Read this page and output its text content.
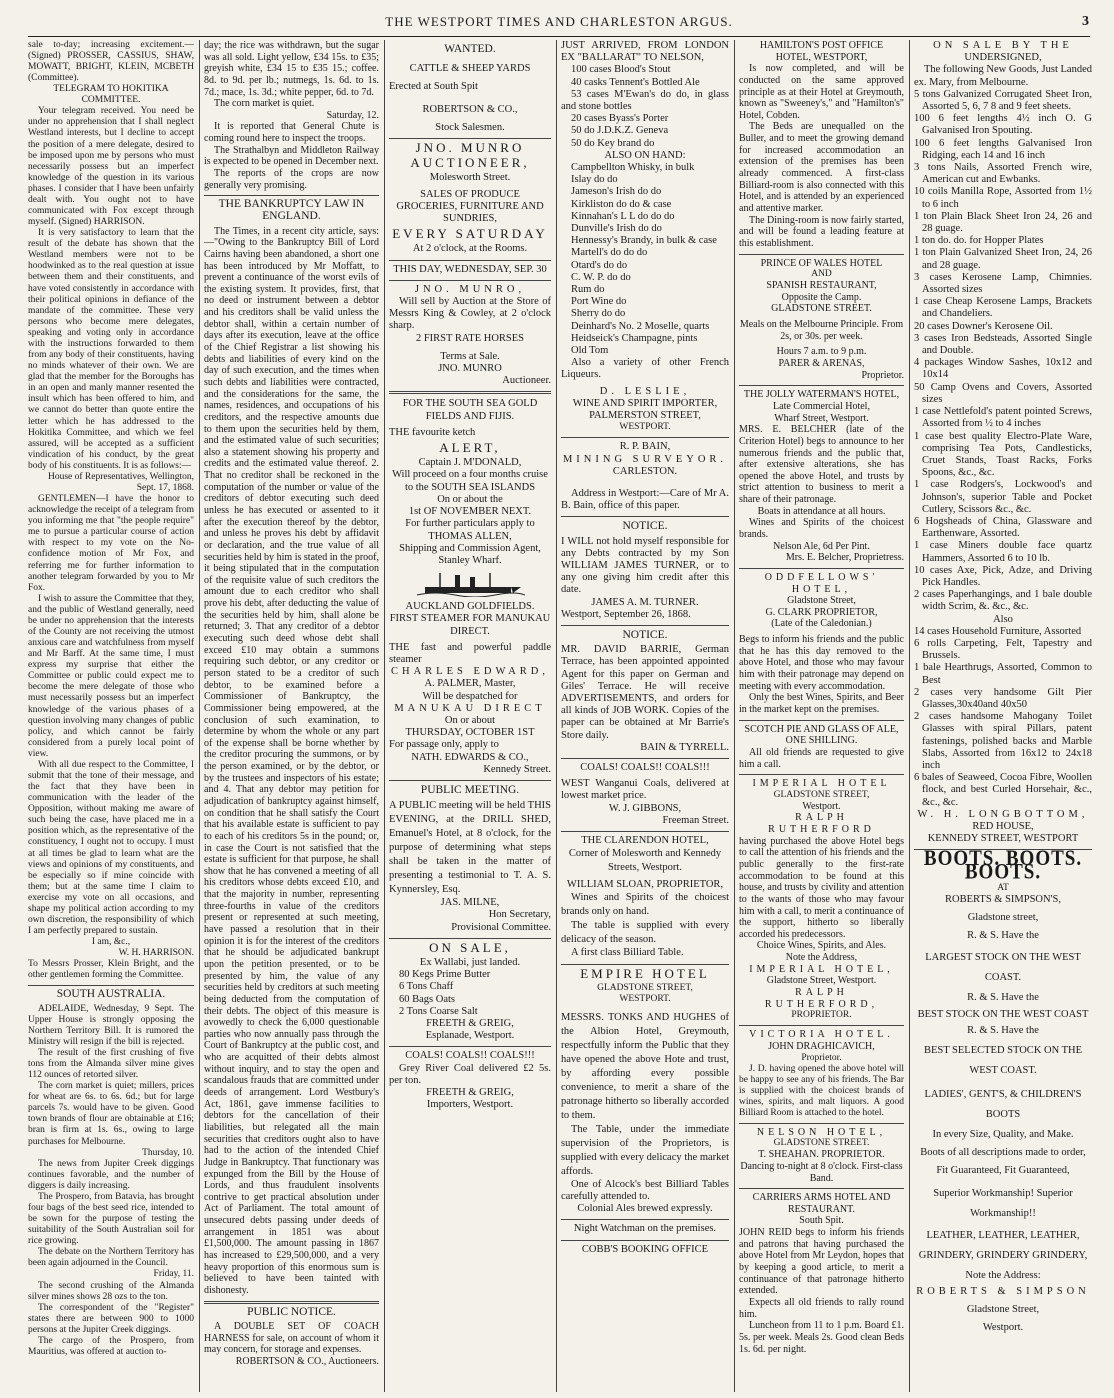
THE WESTPORT TIMES AND CHARLESTON ARGUS.	3

sale to-day; increasing excitement.—(Signed) PROSSER, CASSIUS, SHAW, MOWATT, BRIGHT, KLEIN, MCBETH (Committee).

TELEGRAM TO HOKITIKA COMMITTEE.

Your telegram received. You need be under no apprehension that I shall neglect Westland interests, but I decline to accept the position of a mere delegate, desired to be imposed upon me by persons who must necessarily possess but an imperfect knowledge of the question in its various phases. I consider that I have been unfairly dealt with. You ought not to have communicated with Fox except through myself. (Signed) HARRISON.

It is very satisfactory to learn that the result of the debate has shown that the Westland members were not to be hoodwinked as to the real question at issue between them and their constituents, and have voted consistently in accordance with their political opinions in defiance of the mandate of the committee. These very persons who become mere delegates, speaking and voting only in accordance with the instructions forwarded to them from any body of their constituents, having no minds whatever of their own. We are glad that the member for the Boroughs has in an open and manly manner resented the insult which has been offered to him, and we cannot do better than quote entire the letter which he has addressed to the Hokitika Committee, and which we feel assured, will be accepted as a sufficient vindication of his conduct, by the great body of his constituents. It is as follows:—

House of Representatives, Wellington, Sept. 17, 1868.

GENTLEMEN—I have the honor to acknowledge the receipt of a telegram from you informing me that "the people require" me to pursue a particular course of action with respect to my vote on the No-confidence motion of Mr Fox, and referring me for further information to another telegram forwarded by you to Mr Fox.

I wish to assure the Committee that they, and the public of Westland generally, need be under no apprehension that the interests of the County are not receiving the utmost anxious care and watchfulness from myself and Mr Barff. At the same time, I must express my surprise that either the Committee or public could expect me to become the mere delegate of those who must necessarily possess but an imperfect knowledge of the various phases of a question involving many changes of public policy, and which cannot be fairly considered from a purely local point of view.

With all due respect to the Committee, I submit that the tone of their message, and the fact that they have been in communication with the leader of the Opposition, without making me aware of such being the case, have placed me in a position which, as the representative of the constituency, I ought not to occupy. I must at all times be glad to learn what are the views and opinions of my constituents, and be especially so if mine coincide with them; but at the same time I claim to exercise my vote on all occasions, and shape my political action according to my own discretion, the responsibility of which I am perfectly prepared to sustain.

I am, &c.,

W. H. HARRISON.

To Messrs Prosser, Klein Bright, and the other gentlemen forming the Committee.

SOUTH AUSTRALIA.

ADELAIDE, Wednesday, 9 Sept. The Upper House is strongly opposing the Northern Territory Bill. It is rumored the Ministry will resign if the bill is rejected.

The result of the first crushing of five tons from the Almanda silver mine gives 112 ounces of retorted silver.

The corn market is quiet; millers, prices for wheat are 6s. to 6s. 6d.; but for large parcels 7s. would have to be given. Good town brands of flour are obtainable at £16; bran is firm at 1s. 6s., owing to large purchases for Melbourne.

Thursday, 10.

The news from Jupiter Creek diggings continues favorable, and the number of diggers is daily increasing.

The Prospero, from Batavia, has brought four bags of the best seed rice, intended to be sown for the purpose of testing the suitability of the South Australian soil for rice growing.

The debate on the Northern Territory has been again adjourned in the Council.

Friday, 11.

The second crushing of the Almanda silver mines shows 28 ozs to the ton.

The correspondent of the "Register" states there are between 900 to 1000 persons at the Jupiter Creek diggings.

The cargo of the Prospero, from Mauritius, was offered at auction to-

day; the rice was withdrawn, but the sugar was all sold. Light yellow, £34 15s. to £35; greyish white, £34 15 to £35 15.; coffee. 8d. to 9d. per lb.; nutmegs, 1s. 6d. to 1s. 7d.; mace, 1s. 3d.; white pepper, 6d. to 7d.

The corn market is quiet.

Saturday, 12.

It is reported that General Chute is coming round here to inspect the troops.

The Strathalbyn and Middleton Railway is expected to be opened in December next.

The reports of the crops are now generally very promising.

THE BANKRUPTCY LAW IN ENGLAND.

The Times, in a recent city article, says:—"Owing to the Bankruptcy Bill of Lord Cairns having been abandoned, a short one has been introduced by Mr Moffatt, to prevent a continuance of the worst evils of the existing system. It provides, first, that no deed or instrument between a debtor and his creditors shall be valid unless the debtor shall, within a certain number of days after its execution, leave at the office of the Chief Registrar a list showing his debts and liabilities of every kind on the day of such execution, and the times when such debts and liabilities were contracted, and the considerations for the same, the names, residences, and occupations of his creditors, and the respective amounts due to them upon the securities held by them, and the estimated value of such securities; also a statement showing his property and credits and the estimated value thereof. 2. That no creditor shall be reckoned in the computation of the number or value of the creditors of debtor executing such deed unless he has executed or assented to it after the execution thereof by the debtor, and unless he proves his debt by affidavit or declaration, and the true value of all securities held by him is stated in the proof, it being stipulated that in the computation of the requisite value of such creditors the amount due to each creditor who shall prove his debt, after deducting the value of the securities held by him, shall alone be returned; 3. That any creditor of a debtor executing such deed whose debt shall exceed £10 may obtain a summons requiring such debtor, or any creditor or person stated to be a creditor of such debtor, to be examined before a Commissioner of Bankruptcy, the Commissioner being empowered, at the conclusion of such examination, to determine by whom the whole or any part of the expense shall be borne whether by the creditor procuring the summons, or by the person examined, or by the debtor, or by the trustees and inspectors of his estate; and 4. That any debtor may petition for adjudication of bankruptcy against himself, on condition that he shall satisfy the Court that his available estate is sufficient to pay to each of his creditors 5s in the pound; or, in case the Court is not satisfied that the estate is sufficient for that purpose, he shall show that he has convened a meeting of all his creditors whose debts exceed £10, and that the majority in number, representing three-fourths in value of the creditors present or represented at such meeting, have passed a resolution that in their opinion it is for the interest of the creditors that he should be adjudicated bankrupt upon the petition presented, or to be presented by him, the value of any securities held by creditors at such meeting being deducted from the computation of their debts. The object of this measure is avowedly to check the 6,000 questionable parties who now annually pass through the Court of Bankruptcy at the public cost, and who are acquitted of their debts almost without inquiry, and to stay the open and scandalous frauds that are committed under deeds of arrangement. Lord Westbury's Act, 1861, gave immense facilities to debtors for the cancellation of their liabilities, but relegated all the main securities that creditors ought also to have had to the action of the intended Chief Judge in Bankruptcy. That functionary was expunged from the Bill by the House of Lords, and thus fraudulent insolvents contrive to get practical absolution under Act of Parliament. The total amount of unsecured debts passing under deeds of arrangement in 1851 was about £1,500,000. The amount passing in 1867 has increased to £29,500,000, and a very heavy proportion of this enormous sum is believed to have been tainted with dishonesty.

PUBLIC NOTICE.

A DOUBLE SET OF COACH HARNESS for sale, on account of whom it may concern, for storage and expenses.

ROBERTSON & CO., Auctioneers.

WANTED.

CATTLE & SHEEP YARDS

Erected at South Spit

ROBERTSON & CO.,

Stock Salesmen.

JNO. MUNRO

AUCTIONEER,

Molesworth Street.

SALES OF PRODUCE GROCERIES, FURNITURE AND SUNDRIES,

EVERY SATURDAY

At 2 o'clock, at the Rooms.

THIS DAY, WEDNESDAY, SEP. 30

JNO. MUNRO,

Will sell by Auction at the Store of Messrs King & Cowley, at 2 o'clock sharp.

2 FIRST RATE HORSES

Terms at Sale.

JNO. MUNRO

Auctioneer.

FOR THE SOUTH SEA GOLD FIELDS AND FIJIS.

THE favourite ketch

ALERT,

Captain J. M'DONALD,

Will proceed on a four months cruise to the SOUTH SEA ISLANDS

On or about the

1st OF NOVEMBER NEXT.

For further particulars apply to

THOMAS ALLEN,

Shipping and Commission Agent, Stanley Wharf.

AUCKLAND GOLDFIELDS.

FIRST STEAMER FOR MANUKAU DIRECT.

THE fast and powerful paddle steamer

CHARLES EDWARD,

A. PALMER, Master,

Will be despatched for

MANUKAU DIRECT

On or about

THURSDAY, OCTOBER 1ST

For passage only, apply to

NATH. EDWARDS & CO.,

Kennedy Street.

PUBLIC MEETING.

A PUBLIC meeting will be held THIS EVENING, at the DRILL SHED, Emanuel's Hotel, at 8 o'clock, for the purpose of determining what steps shall be taken in the matter of presenting a testimonial to T. A. S. Kynnersley, Esq.

JAS. MILNE,

Hon Secretary,

Provisional Committee.

ON SALE,

Ex Wallabi, just landed.

80 Kegs Prime Butter

6 Tons Chaff

60 Bags Oats

2 Tons Coarse Salt

FREETH & GREIG,

Esplanade, Westport.

COALS! COALS!! COALS!!!

Grey River Coal delivered £2 5s. per ton.

FREETH & GREIG,

Importers, Westport.

JUST ARRIVED, FROM LONDON EX "BALLARAT" TO NELSON,

100 cases Blood's Stout

40 casks Tennent's Bottled Ale

53 cases M'Ewan's do do, in glass and stone bottles

20 cases Byass's Porter

50 do J.D.K.Z. Geneva

50 do Key brand do

ALSO ON HAND:

Campbellton Whisky, in bulk

Islay do do

Jameson's Irish do do

Kirkliston do do & case

Kinnahan's L L do do do

Dunville's Irish do do

Hennessy's Brandy, in bulk & case

Martell's do do do

Otard's do do

C. W. P. do do

Rum do

Port Wine do

Sherry do do

Deinhard's No. 2 Moselle, quarts

Heidseick's Champagne, pints

Old Tom

Also a variety of other French Liqueurs.

D. LESLIE,

WINE AND SPIRIT IMPORTER,

PALMERSTON STREET,

WESTPORT.

R. P. BAIN,

MINING SURVEYOR.

CARLESTON.

Address in Westport:—Care of Mr A. B. Bain, office of this paper.

NOTICE.

I WILL not hold myself responsible for any Debts contracted by my Son WILLIAM JAMES TURNER, or to any one giving him credit after this date.

JAMES A. M. TURNER.

Westport, September 26, 1868.

NOTICE.

MR. DAVID BARRIE, German Terrace, has been appointed appointed Agent for this paper on German and Giles' Terrace. He will receive ADVERTISEMENTS, and orders for all kinds of JOB WORK. Copies of the paper can be obtained at Mr Barrie's Store daily.

BAIN & TYRRELL.

COALS! COALS!! COALS!!!

WEST Wanganui Coals, delivered at lowest market price.

W. J. GIBBONS,

Freeman Street.

THE CLARENDON HOTEL,

Corner of Molesworth and Kennedy Streets, Westport.

WILLIAM SLOAN, PROPRIETOR,

Wines and Spirits of the choicest brands only on hand.

The table is supplied with every delicacy of the season.

A first class Billiard Table.

EMPIRE HOTEL

GLADSTONE STREET,

WESTPORT.

MESSRS. TONKS AND HUGHES of the Albion Hotel, Greymouth, respectfully inform the Public that they have opened the above Hote and trust, by affording every possible convenience, to merit a share of the patronage hitherto so liberally accorded to them.

The Table, under the immediate supervision of the Proprietors, is supplied with every delicacy the market affords.

One of Alcock's best Billiard Tables carefully attended to.

Colonial Ales brewed expressly.

Night Watchman on the premises.

COBB'S BOOKING OFFICE

HAMILTON'S POST OFFICE

HOTEL, WESTPORT,

Is now completed, and will be conducted on the same approved principle as at their Hotel at Greymouth, known as "Sweeney's," and "Hamilton's" Hotel, Cobden.

The Beds are unequalled on the Buller, and to meet the growing demand for increased accommodation an extension of the premises has been already commenced. A first-class Billiard-room is also connected with this Hotel, and is attended by an experienced and attentive marker.

The Dining-room is now fairly started, and will be found a leading feature at this establishment.

PRINCE OF WALES HOTEL

AND

SPANISH RESTAURANT,

Opposite the Camp.

GLADSTONE STREET.

Meals on the Melbourne Principle. From 2s, or 30s. per week.

Hours 7 a.m. to 9 p.m.

PARER & ARENAS,

Proprietor.

THE JOLLY WATERMAN'S HOTEL,

Late Commercial Hotel,

Wharf Street, Westport.

MRS. E. BELCHER (late of the Criterion Hotel) begs to announce to her numerous friends and the public that, after extensive alterations, she has opened the above Hotel, and trusts by strict attention to business to merit a share of their patronage.

Boats in attendance at all hours.

Wines and Spirits of the choicest brands.

Nelson Ale, 6d Per Pint.

Mrs. E. Belcher, Proprietress.

ODDFELLOWS' HOTEL,

Gladstone Street,

G. CLARK PROPRIETOR,

(Late of the Caledonian.)

Begs to inform his friends and the public that he has this day removed to the above Hotel, and those who may favour him with their patronage may depend on meeting with every accommodation.

Only the best Wines, Spirits, and Beer in the market kept on the premises.

SCOTCH PIE AND GLASS OF ALE, ONE SHILLING.

All old friends are requested to give him a call.

IMPERIAL HOTEL

GLADSTONE STREET,

Westport.

RALPH RUTHERFORD

having purchased the above Hotel begs to call the attention of his friends and the public generally to the first-rate accommodation to be found at this house, and trusts by civility and attention to the wants of those who may favour him with a call, to merit a continuance of the support, hitherto so liberally accorded his predecessors.

Choice Wines, Spirits, and Ales.

Note the Address,

IMPERIAL HOTEL,

Gladstone Street, Westport.

RALPH RUTHERFORD,

PROPRIETOR.

VICTORIA HOTEL.

JOHN DRAGHICAVICH,

Proprietor.

J. D. having opened the above hotel will be happy to see any of his friends. The Bar is supplied with the choicest brands of wines, spirits, and malt liquors. A good Billiard Room is attached to the hotel.

NELSON HOTEL,

GLADSTONE STREET.

T. SHEAHAN. PROPRIETOR.

Dancing to-night at 8 o'clock. First-class Band.

CARRIERS ARMS HOTEL AND RESTAURANT.

South Spit.

JOHN REID begs to inform his friends and patrons that having purchased the above Hotel from Mr Leydon, hopes that by keeping a good article, to merit a continuance of that patronage hitherto extended.

Expects all old friends to rally round him.

Luncheon from 11 to 1 p.m. Board £1. 5s. per week. Meals 2s. Good clean Beds 1s. 6d. per night.

ON SALE BY THE

UNDERSIGNED,

The following New Goods, Just Landed ex. Mary, from Melbourne.

5 tons Galvanized Corrugated Sheet Iron, Assorted 5, 6, 7 8 and 9 feet sheets.

100 6 feet lengths 4½ inch O. G Galvanised Iron Spouting.

100 6 feet lengths Galvanised Iron Ridging, each 14 and 16 inch

3 tons Nails, Assorted French wire, American cut and Ewbanks.

10 coils Manilla Rope, Assorted from 1½ to 6 inch

1 ton Plain Black Sheet Iron 24, 26 and 28 guage.

1 ton do. do. for Hopper Plates

1 ton Plain Galvanized Sheet Iron, 24, 26 and 28 guage.

3 cases Kerosene Lamp, Chimnies. Assorted sizes

1 case Cheap Kerosene Lamps, Brackets and Chandeliers.

20 cases Downer's Kerosene Oil.

3 cases Iron Bedsteads, Assorted Single and Double.

4 packages Window Sashes, 10x12 and 10x14

50 Camp Ovens and Covers, Assorted sizes

1 case Nettlefold's patent pointed Screws, Assorted from ½ to 4 inches

1 case best quality Electro-Plate Ware, comprising Tea Pots, Candlesticks, Cruet Stands, Toast Racks, Forks Spoons, &c., &c.

1 case Rodgers's, Lockwood's and Johnson's, superior Table and Pocket Cutlery, Scissors &c., &c.

6 Hogsheads of China, Glassware and Earthenware, Assorted.

1 case Miners double face quartz Hammers, Assorted 6 to 10 lb.

10 cases Axe, Pick, Adze, and Driving Pick Handles.

2 cases Paperhangings, and 1 bale double width Scrim, &. &c., &c.

Also

14 cases Household Furniture, Assorted

6 rolls Carpeting, Felt, Tapestry and Brussels.

1 bale Hearthrugs, Assorted, Common to Best

2 cases very handsome Gilt Pier Glasses,30x40and 40x50

2 cases handsome Mahogany Toilet Glasses with spiral Pillars, patent fastenings, polished backs and Marble Slabs, Assorted from 16x12 to 24x18 inch

6 bales of Seaweed, Cocoa Fibre, Woollen flock, and best Curled Horsehair, &c., &c., &c.

W. H. LONGBOTTOM,

RED HOUSE,

KENNEDY STREET, WESTPORT

BOOTS. BOOTS. BOOTS.

AT

ROBERTS & SIMPSON'S,

Gladstone street,

R. & S. Have the

LARGEST STOCK ON THE WEST COAST.

R. & S. Have the

BEST STOCK ON THE WEST COAST

R. & S. Have the

BEST SELECTED STOCK ON THE WEST COAST.

LADIES', GENT'S, & CHILDREN'S BOOTS

In every Size, Quality, and Make.

Boots of all descriptions made to order,

Fit Guaranteed, Fit Guaranteed,

Superior Workmanship! Superior Workmanship!!

LEATHER, LEATHER, LEATHER,

GRINDERY, GRINDERY GRINDERY,

Note the Address:

ROBERTS & SIMPSON

Gladstone Street,

Westport.
